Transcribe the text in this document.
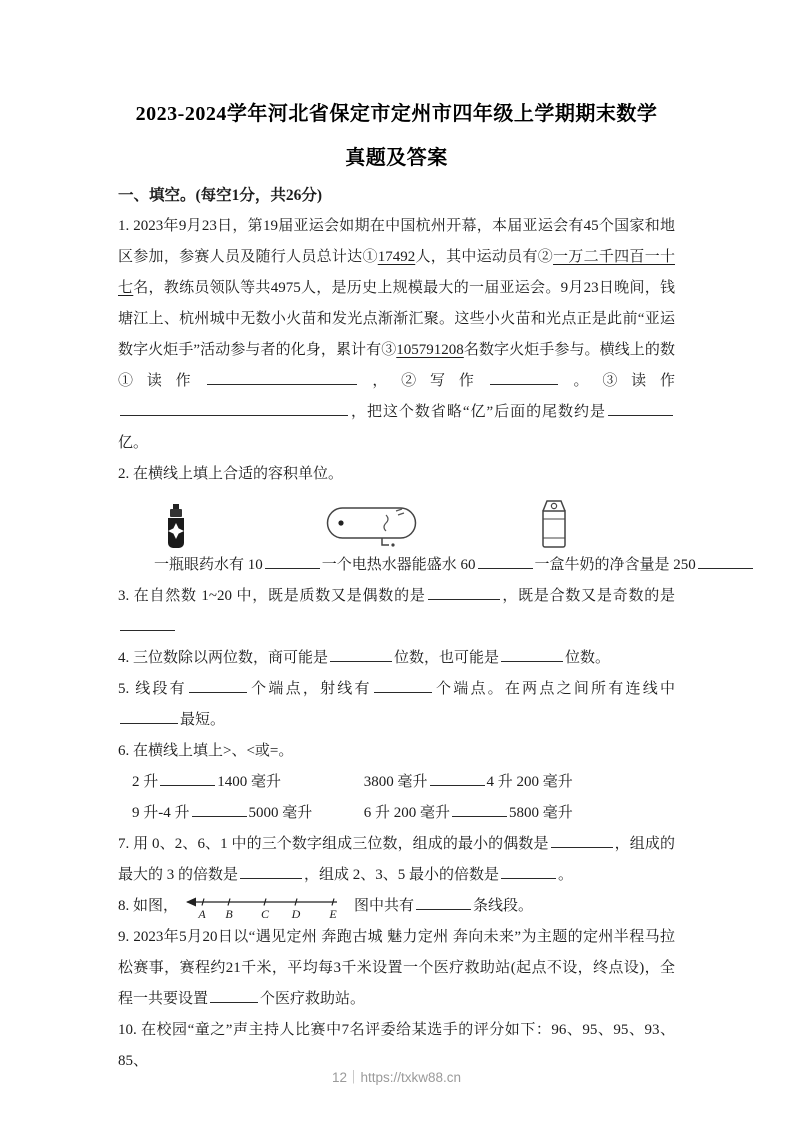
2023-2024学年河北省保定市定州市四年级上学期期末数学
真题及答案
一、填空。(每空1分，共26分)

1. 2023年9月23日，第19届亚运会如期在中国杭州开幕，本届亚运会有45个国家和地区参加，参赛人员及随行人员总计达①17492人，其中运动员有②一万二千四百一十七名，教练员领队等共4975人，是历史上规模最大的一届亚运会。9月23日晚间，钱塘江上、杭州城中无数小火苗和发光点渐渐汇聚。这些小火苗和光点正是此前“亚运数字火炬手”活动参与者的化身，累计有③105791208名数字火炬手参与。横线上的数①读作	，②写作	。③读作，把这个数省略“亿”后面的尾数约是亿。

2. 在横线上填上合适的容积单位。

一瓶眼药水有 10	一个电热水器能盛水 60	一盒牛奶的净含量是 250

3. 在自然数 1~20 中，既是质数又是偶数的是	，既是合数又是奇数的是

4. 三位数除以两位数，商可能是	位数，也可能是	位数。

5. 线段有	个端点，射线有	个端点。在两点之间所有连线中最短。

6. 在横线上填上>、<或=。

2 升	1400 毫升	3800 毫升	4 升 200 毫升
9 升-4 升	5000 毫升	6 升 200 毫升	5800 毫升

7. 用 0、2、6、1 中的三个数字组成三位数，组成的最小的偶数是	，组成的最大的 3 的倍数是	，组成 2、3、5 最小的倍数是	。

8. 如图， A B C D E 图中共有	条线段。

9. 2023年5月20日以“遇见定州 奔跑古城 魅力定州 奔向未来”为主题的定州半程马拉松赛事，赛程约21千米，平均每3千米设置一个医疗救助站(起点不设，终点设)，全程一共要设置	个医疗救助站。

10. 在校园“童之”声主持人比赛中7名评委给某选手的评分如下：96、95、95、93、85、

12｜https://txkw88.cn
